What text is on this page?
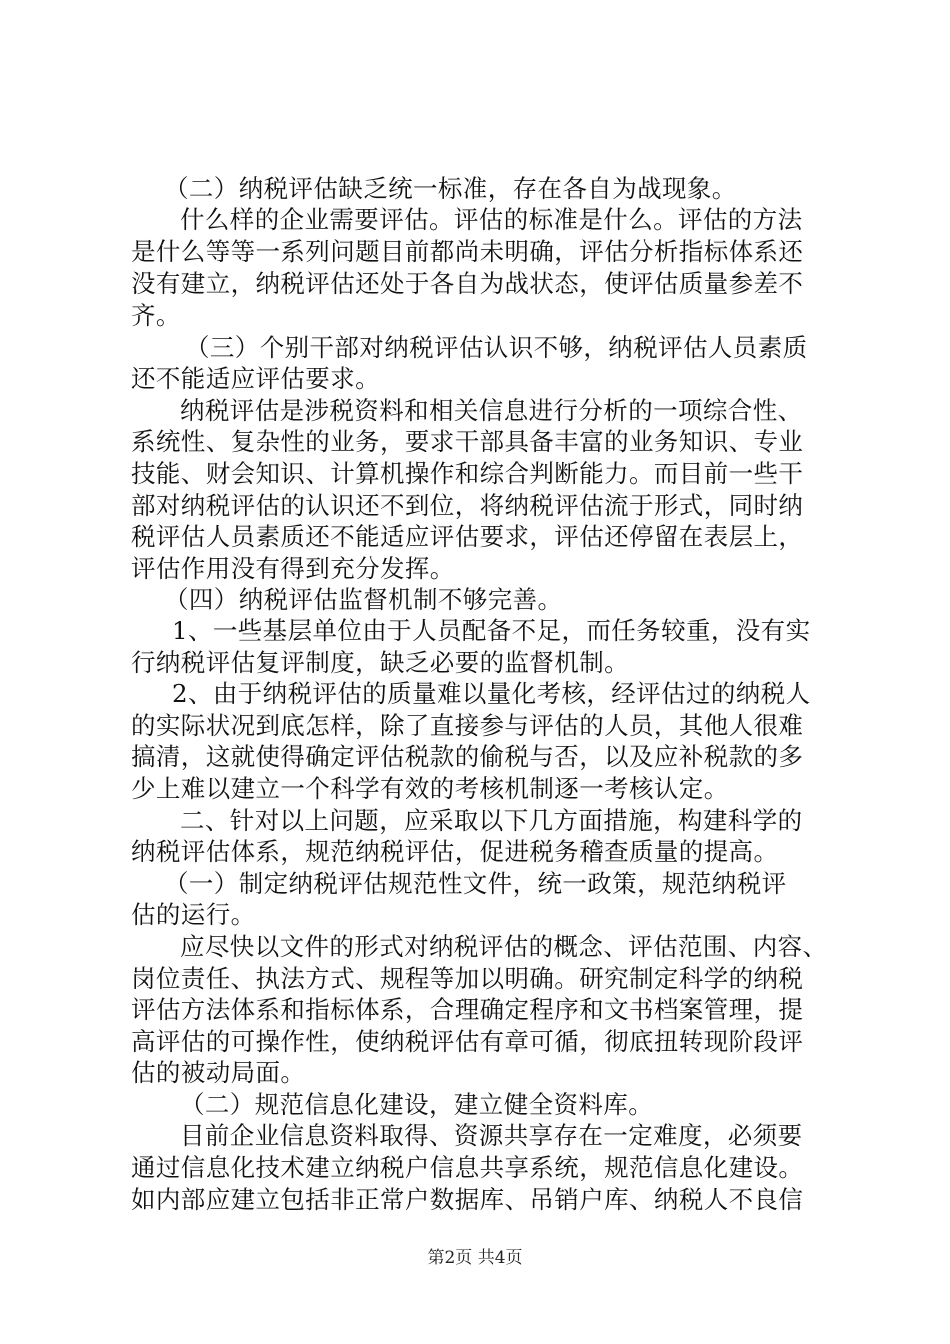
（二）纳税评估缺乏统一标准，存在各自为战现象。
什么样的企业需要评估。评估的标准是什么。评估的方法
是什么等等一系列问题目前都尚未明确，评估分析指标体系还
没有建立，纳税评估还处于各自为战状态，使评估质量参差不
齐。
（三）个别干部对纳税评估认识不够，纳税评估人员素质
还不能适应评估要求。
纳税评估是涉税资料和相关信息进行分析的一项综合性、
系统性、复杂性的业务，要求干部具备丰富的业务知识、专业
技能、财会知识、计算机操作和综合判断能力。而目前一些干
部对纳税评估的认识还不到位，将纳税评估流于形式，同时纳
税评估人员素质还不能适应评估要求，评估还停留在表层上，
评估作用没有得到充分发挥。
（四）纳税评估监督机制不够完善。
1、一些基层单位由于人员配备不足，而任务较重，没有实
行纳税评估复评制度，缺乏必要的监督机制。
2、由于纳税评估的质量难以量化考核，经评估过的纳税人
的实际状况到底怎样，除了直接参与评估的人员，其他人很难
搞清，这就使得确定评估税款的偷税与否，以及应补税款的多
少上难以建立一个科学有效的考核机制逐一考核认定。
二、针对以上问题，应采取以下几方面措施，构建科学的
纳税评估体系，规范纳税评估，促进税务稽查质量的提高。
（一）制定纳税评估规范性文件，统一政策，规范纳税评
估的运行。
应尽快以文件的形式对纳税评估的概念、评估范围、内容、
岗位责任、执法方式、规程等加以明确。研究制定科学的纳税
评估方法体系和指标体系，合理确定程序和文书档案管理，提
高评估的可操作性，使纳税评估有章可循，彻底扭转现阶段评
估的被动局面。
（二）规范信息化建设，建立健全资料库。
目前企业信息资料取得、资源共享存在一定难度，必须要
通过信息化技术建立纳税户信息共享系统，规范信息化建设。
如内部应建立包括非正常户数据库、吊销户库、纳税人不良信
第2页 共4页
